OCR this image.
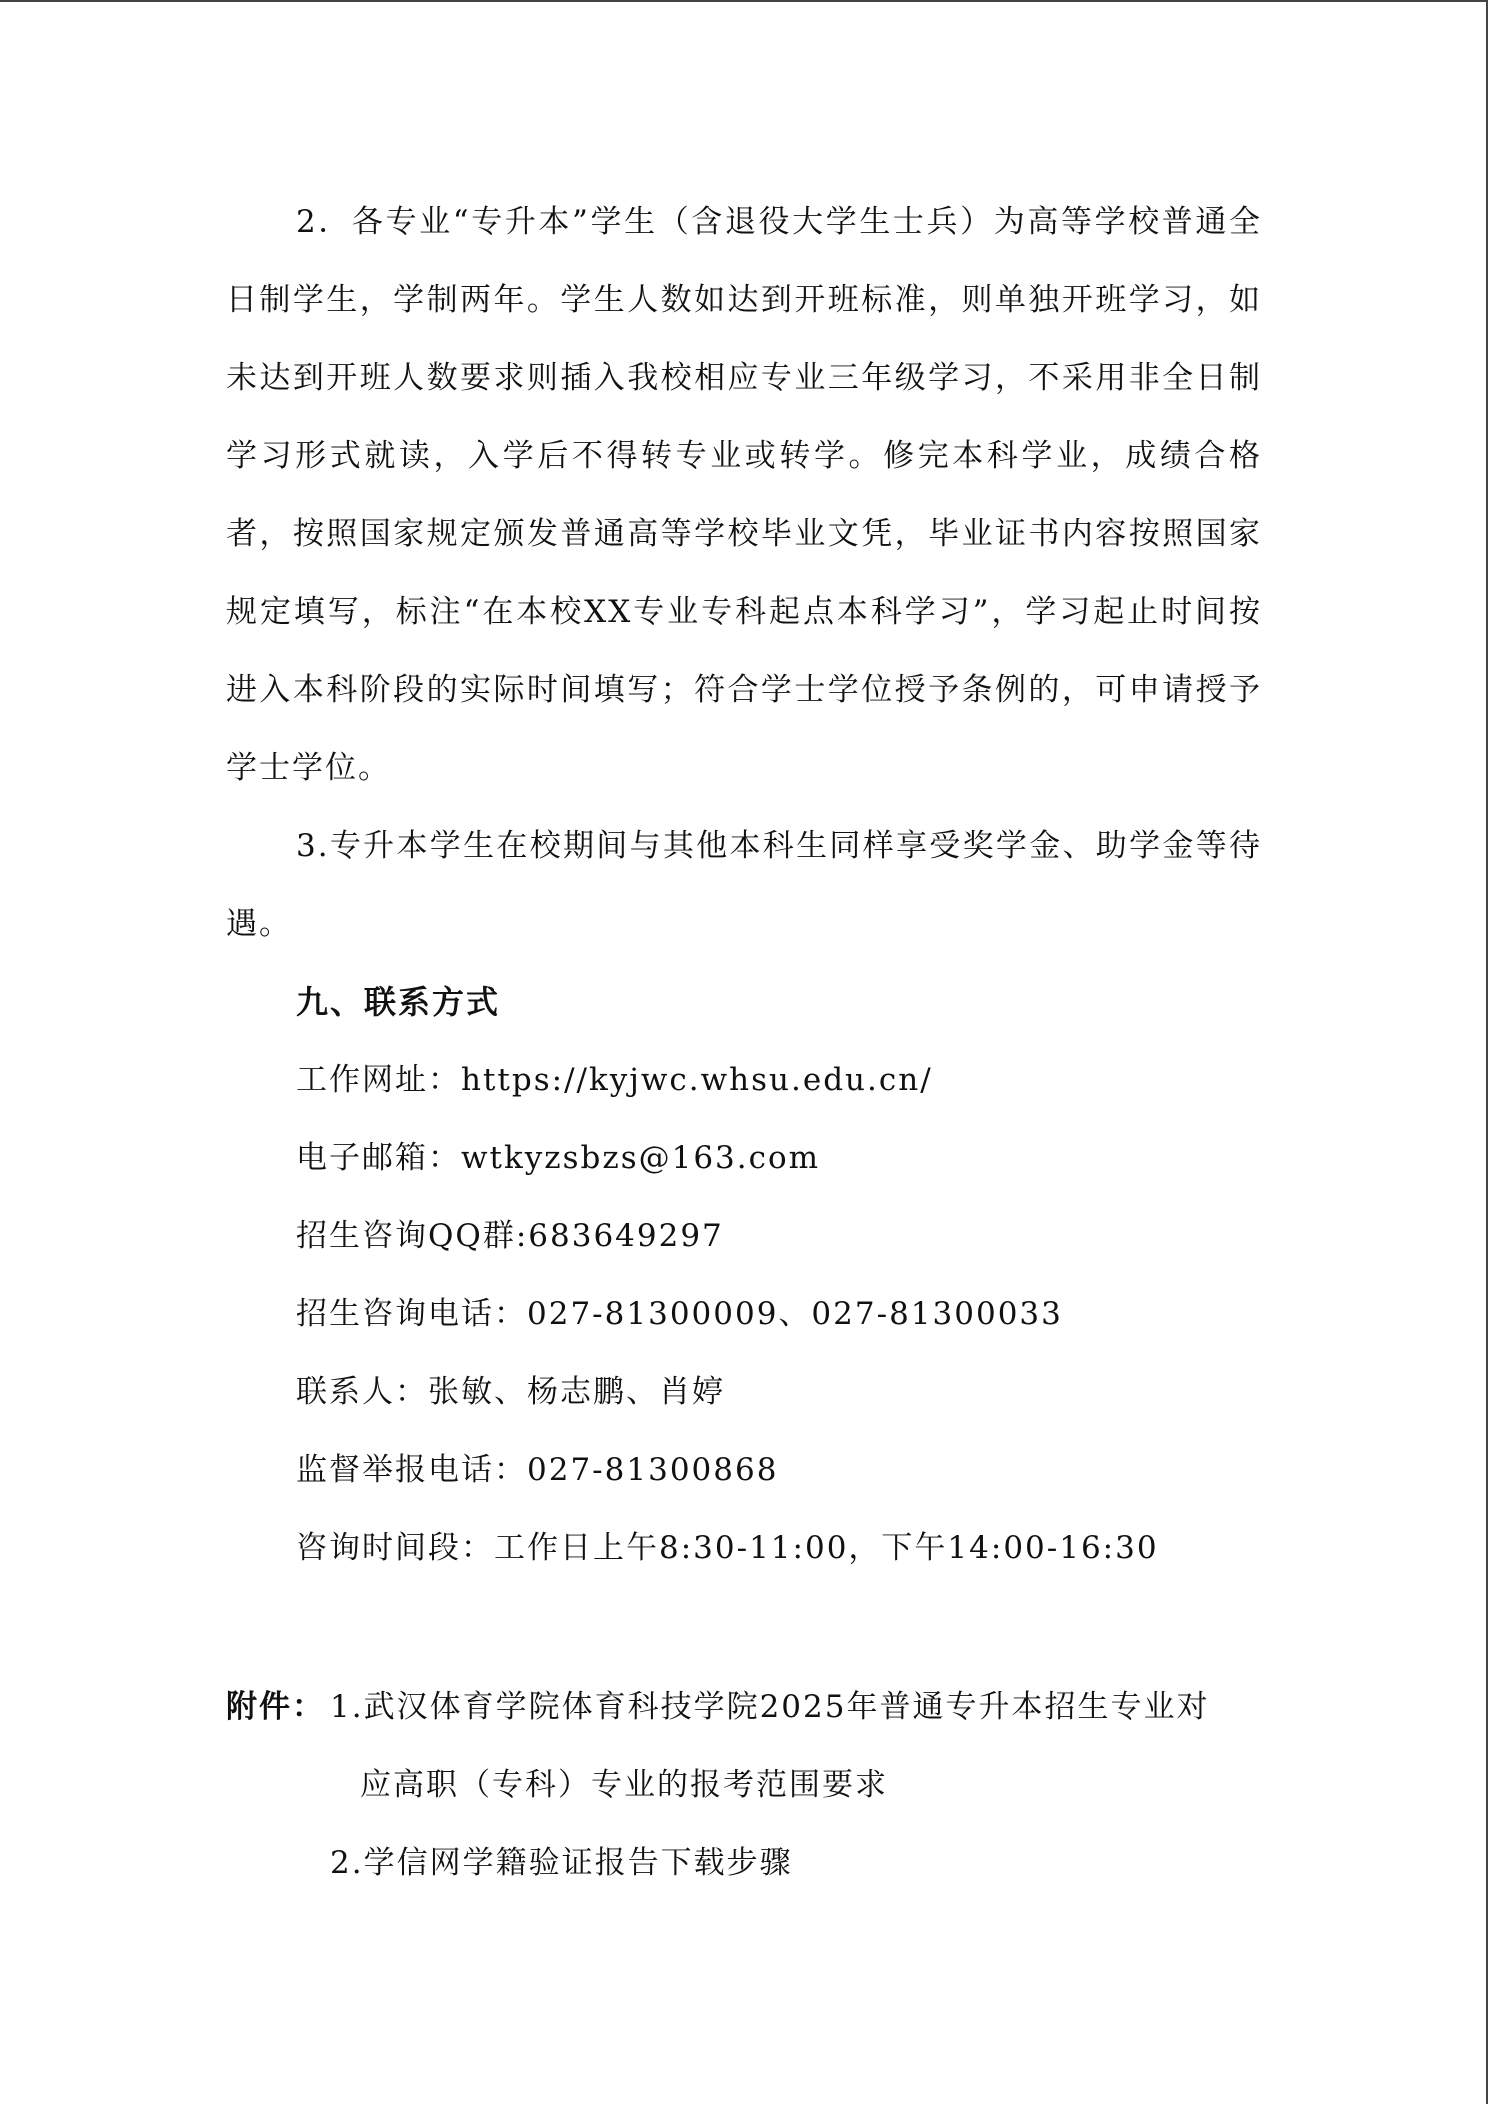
2．各专业“专升本”学生（含退役大学生士兵）为高等学校普通全日制学生，学制两年。学生人数如达到开班标准，则单独开班学习，如未达到开班人数要求则插入我校相应专业三年级学习，不采用非全日制学习形式就读，入学后不得转专业或转学。修完本科学业，成绩合格者，按照国家规定颁发普通高等学校毕业文凭，毕业证书内容按照国家规定填写，标注“在本校XX专业专科起点本科学习”，学习起止时间按进入本科阶段的实际时间填写；符合学士学位授予条例的，可申请授予学士学位。

3.专升本学生在校期间与其他本科生同样享受奖学金、助学金等待遇。

九、联系方式
工作网址：https://kyjwc.whsu.edu.cn/
电子邮箱：wtkyzsbzs@163.com
招生咨询QQ群:683649297
招生咨询电话：027-81300009、027-81300033
联系人：张敏、杨志鹏、肖婷
监督举报电话：027-81300868
咨询时间段：工作日上午8:30-11:00，下午14:00-16:30
附件： 1.武汉体育学院体育科技学院2025年普通专升本招生专业对
应高职（专科）专业的报考范围要求
2.学信网学籍验证报告下载步骤
